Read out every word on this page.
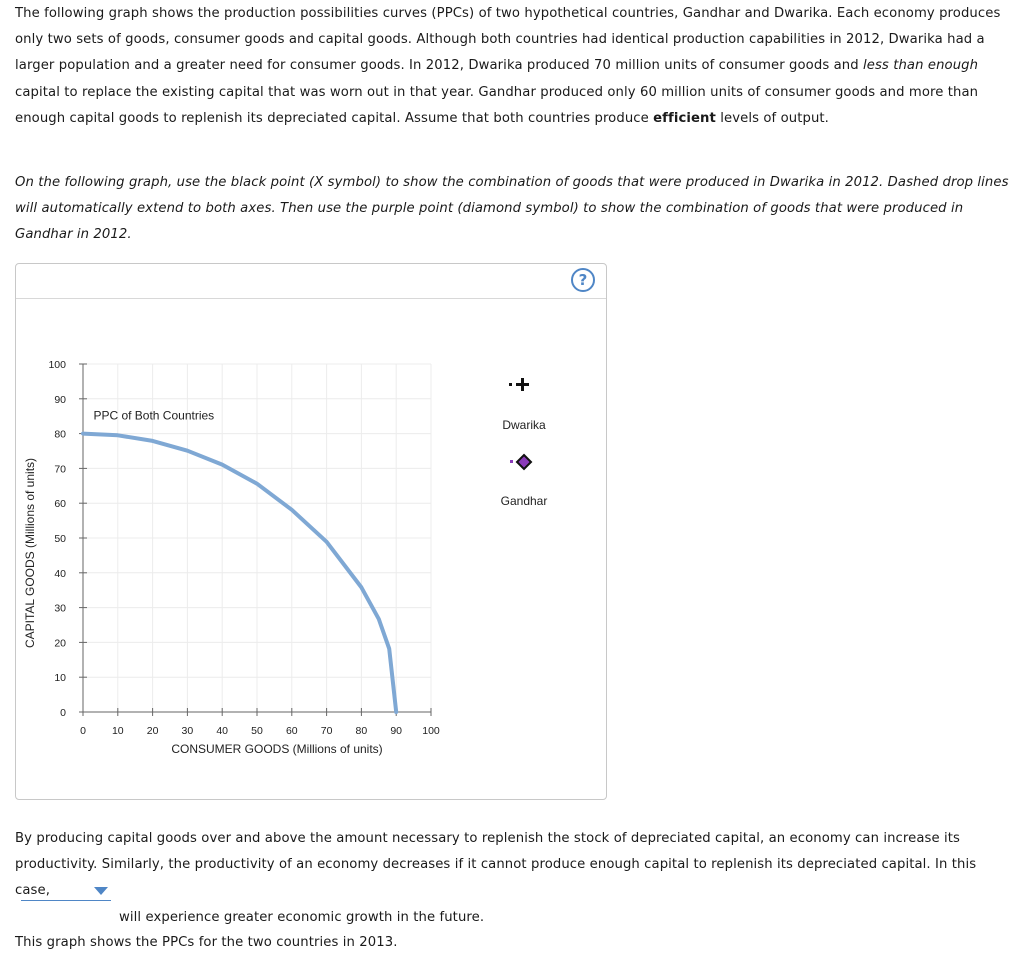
The following graph shows the production possibilities curves (PPCs) of two hypothetical countries, Gandhar and Dwarika. Each economy produces only two sets of goods, consumer goods and capital goods. Although both countries had identical production capabilities in 2012, Dwarika had a larger population and a greater need for consumer goods. In 2012, Dwarika produced 70 million units of consumer goods and less than enough capital to replace the existing capital that was worn out in that year. Gandhar produced only 60 million units of consumer goods and more than enough capital goods to replenish its depreciated capital. Assume that both countries produce efficient levels of output.
On the following graph, use the black point (X symbol) to show the combination of goods that were produced in Dwarika in 2012. Dashed drop lines will automatically extend to both axes. Then use the purple point (diamond symbol) to show the combination of goods that were produced in Gandhar in 2012.
?
0 10 20 30 40 50 60 70 80 90 100
0
10
20
30
40
50
60
70
80
90
100
CONSUMER GOODS (Millions of units)
CAPITAL GOODS (Millions of units)
PPC of Both Countries
Dwarika
Gandhar
By producing capital goods over and above the amount necessary to replenish the stock of depreciated capital, an economy can increase its productivity. Similarly, the productivity of an economy decreases if it cannot produce enough capital to replenish its depreciated capital. In this case,
will experience greater economic growth in the future.
This graph shows the PPCs for the two countries in 2013.
